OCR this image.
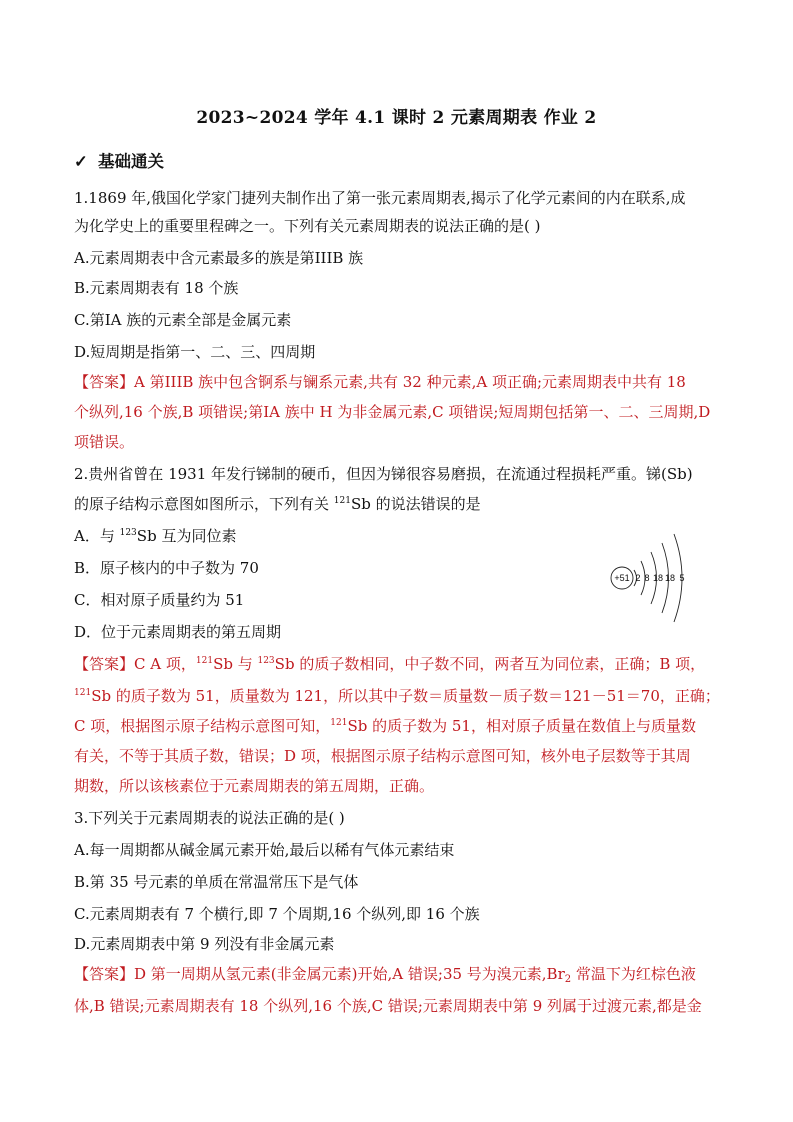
2023~2024 学年 4.1 课时 2 元素周期表 作业 2
✓ 基础通关
1.1869 年,俄国化学家门捷列夫制作出了第一张元素周期表,揭示了化学元素间的内在联系,成
为化学史上的重要里程碑之一。下列有关元素周期表的说法正确的是( )
A.元素周期表中含元素最多的族是第IIIB 族
B.元素周期表有 18 个族
C.第IA 族的元素全部是金属元素
D.短周期是指第一、二、三、四周期
【答案】A 第IIIB 族中包含锕系与镧系元素,共有 32 种元素,A 项正确;元素周期表中共有 18
个纵列,16 个族,B 项错误;第IA 族中 H 为非金属元素,C 项错误;短周期包括第一、二、三周期,D
项错误。
2.贵州省曾在 1931 年发行锑制的硬币，但因为锑很容易磨损，在流通过程损耗严重。锑(Sb)
的原子结构示意图如图所示，下列有关 $^{121}$Sb 的说法错误的是
A．与 $^{123}$Sb 互为同位素
B．原子核内的中子数为 70
C．相对原子质量约为 51
D．位于元素周期表的第五周期
+51 2 8 18 18 5
【答案】C A 项，$^{121}$Sb 与 $^{123}$Sb 的质子数相同，中子数不同，两者互为同位素，正确；B 项，
$^{121}$Sb 的质子数为 51，质量数为 121，所以其中子数＝质量数－质子数＝121－51＝70，正确；
C 项，根据图示原子结构示意图可知，$^{121}$Sb 的质子数为 51，相对原子质量在数值上与质量数
有关，不等于其质子数，错误；D 项，根据图示原子结构示意图可知，核外电子层数等于其周
期数，所以该核素位于元素周期表的第五周期，正确。
3.下列关于元素周期表的说法正确的是( )
A.每一周期都从碱金属元素开始,最后以稀有气体元素结束
B.第 35 号元素的单质在常温常压下是气体
C.元素周期表有 7 个横行,即 7 个周期,16 个纵列,即 16 个族
D.元素周期表中第 9 列没有非金属元素
【答案】D 第一周期从氢元素(非金属元素)开始,A 错误;35 号为溴元素$,Br_2$ 常温下为红棕色液
体,B 错误;元素周期表有 18 个纵列,16 个族,C 错误;元素周期表中第 9 列属于过渡元素,都是金
